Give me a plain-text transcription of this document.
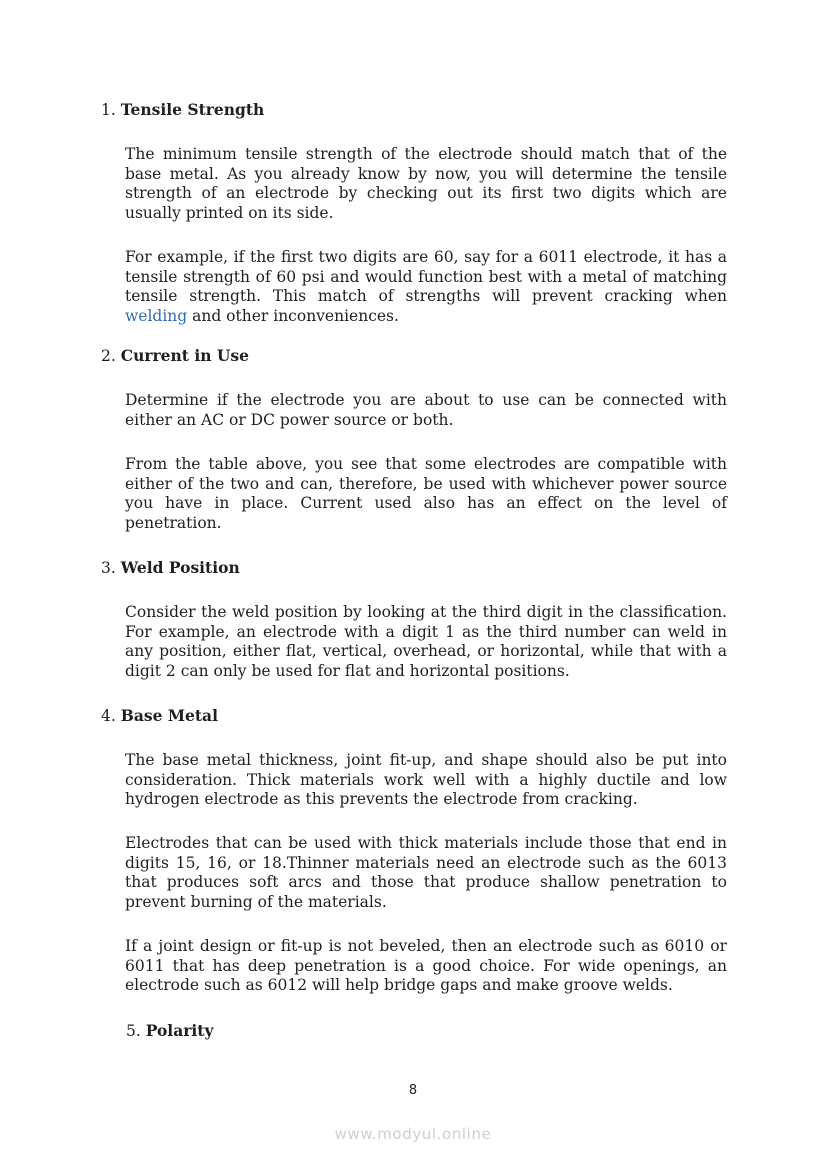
1. Tensile Strength

The minimum tensile strength of the electrode should match that of the base metal. As you already know by now, you will determine the tensile strength of an electrode by checking out its first two digits which are usually printed on its side.

For example, if the first two digits are 60, say for a 6011 electrode, it has a tensile strength of 60 psi and would function best with a metal of matching tensile strength. This match of strengths will prevent cracking when welding and other inconveniences.

2. Current in Use

Determine if the electrode you are about to use can be connected with either an AC or DC power source or both.

From the table above, you see that some electrodes are compatible with either of the two and can, therefore, be used with whichever power source you have in place. Current used also has an effect on the level of penetration.

3. Weld Position

Consider the weld position by looking at the third digit in the classification. For example, an electrode with a digit 1 as the third number can weld in any position, either flat, vertical, overhead, or horizontal, while that with a digit 2 can only be used for flat and horizontal positions.

4. Base Metal

The base metal thickness, joint fit-up, and shape should also be put into consideration. Thick materials work well with a highly ductile and low hydrogen electrode as this prevents the electrode from cracking.

Electrodes that can be used with thick materials include those that end in digits 15, 16, or 18.Thinner materials need an electrode such as the 6013 that produces soft arcs and those that produce shallow penetration to prevent burning of the materials.

If a joint design or fit-up is not beveled, then an electrode such as 6010 or 6011 that has deep penetration is a good choice. For wide openings, an electrode such as 6012 will help bridge gaps and make groove welds.

5. Polarity
8
www.modyul.online
